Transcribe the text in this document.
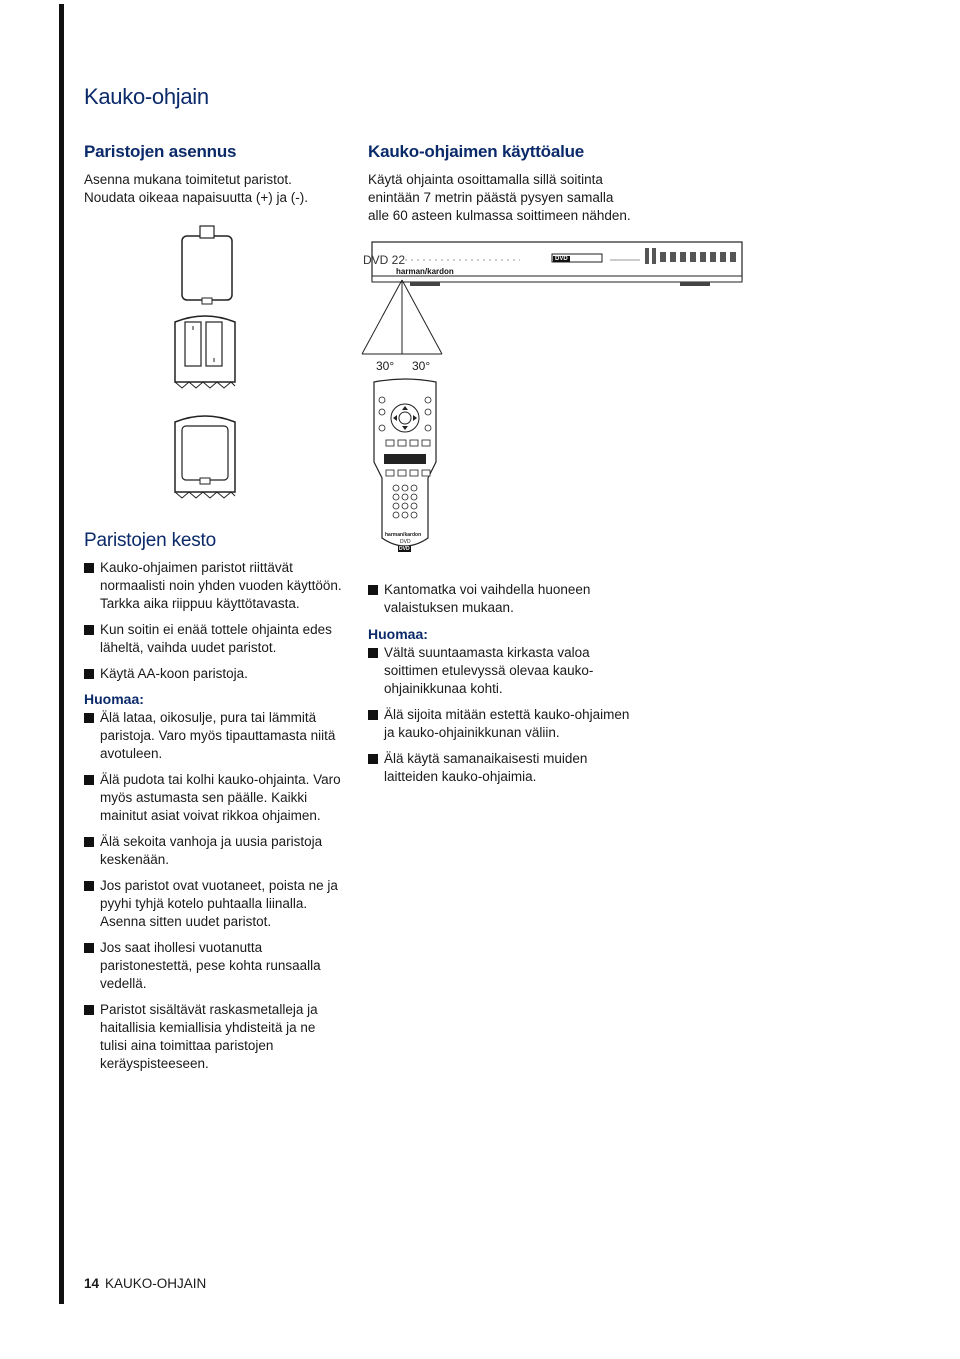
Kauko-ohjain
Paristojen asennus
Asenna mukana toimitetut paristot. Noudata oikeaa napaisuutta (+) ja (-).
Kauko-ohjaimen käyttöalue
Käytä ohjainta osoittamalla sillä soitinta enintään 7 metrin päästä pysyen samalla alle 60 asteen kulmassa soittimeen nähden.
DVD 22
harman/kardon
DVD
30° 30°
harman/kardon
DVD
DVD
Paristojen kesto
Kauko-ohjaimen paristot riittävät normaalisti noin yhden vuoden käyttöön. Tarkka aika riippuu käyttötavasta.
Kun soitin ei enää tottele ohjainta edes läheltä, vaihda uudet paristot.
Käytä AA-koon paristoja.
Huomaa:
Älä lataa, oikosulje, pura tai lämmitä paristoja. Varo myös tipauttamasta niitä avotuleen.
Älä pudota tai kolhi kauko-ohjainta. Varo myös astumasta sen päälle. Kaikki mainitut asiat voivat rikkoa ohjaimen.
Älä sekoita vanhoja ja uusia paristoja keskenään.
Jos paristot ovat vuotaneet, poista ne ja pyyhi tyhjä kotelo puhtaalla liinalla. Asenna sitten uudet paristot.
Jos saat ihollesi vuotanutta paristonestettä, pese kohta runsaalla vedellä.
Paristot sisältävät raskasmetalleja ja haitallisia kemiallisia yhdisteitä ja ne tulisi aina toimittaa paristojen keräyspisteeseen.
Kantomatka voi vaihdella huoneen valaistuksen mukaan.
Huomaa:
Vältä suuntaamasta kirkasta valoa soittimen etulevyssä olevaa kauko-ohjainikkunaa kohti.
Älä sijoita mitään estettä kauko-ohjaimen ja kauko-ohjainikkunan väliin.
Älä käytä samanaikaisesti muiden laitteiden kauko-ohjaimia.
14 KAUKO-OHJAIN
